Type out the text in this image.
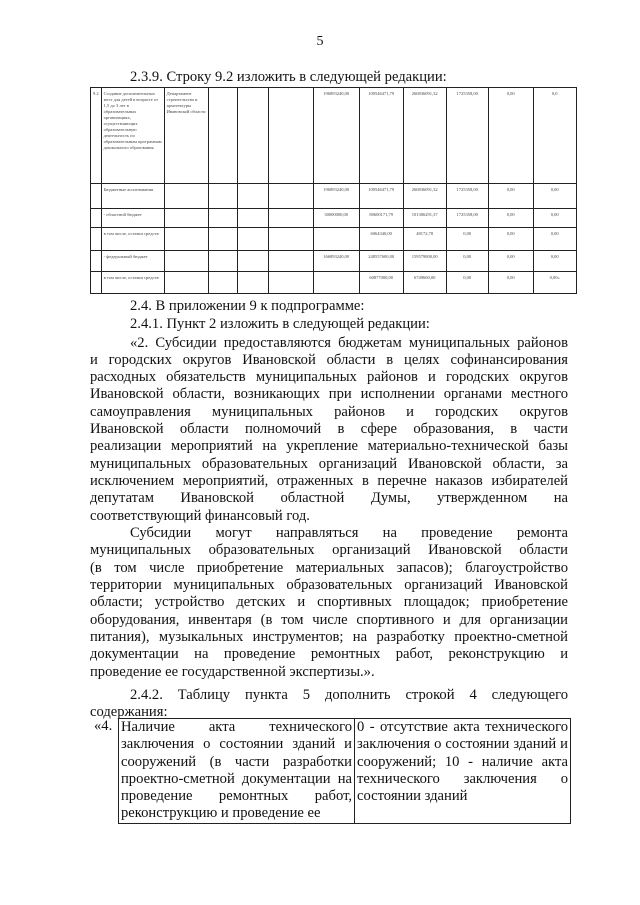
5
2.3.9. Строку 9.2 изложить в следующей редакции:
9.2	Создание дополнительных мест для детей в возрасте от 1,5 до 3 лет в образовательных организациях, осуществляющих образовательную деятельность по образовательным программам дошкольного образования	Департамент строительства и архитектуры Ивановской области				196893240,00	109546471,79	260836091,32	1725358,00	0,00	0,0
	Бюджетные ассигнования					196893240,00	109546471,79	260836091,32	1725358,00	0,00	0,00
	- областной бюджет					30000000,00	80600171,79	101306291,37	1725358,00	0,00	0,00
	в том числе, остатки средств						6064340,00	48172,78	0,00	0,00	0,00
	- федеральный бюджет					166893240,00	248557600,00	159579800,00	0,00	0,00	0,00
	в том числе, остатки средств						60877000,00	6749600,00	0,00	0,00	0,00»
2.4. В приложении 9 к подпрограмме:
2.4.1. Пункт 2 изложить в следующей редакции:
«2. Субсидии предоставляются бюджетам муниципальных районов
и городских округов Ивановской области в целях софинансирования
расходных обязательств муниципальных районов и городских округов
Ивановской области, возникающих при исполнении органами местного
самоуправления муниципальных районов и городских округов
Ивановской области полномочий в сфере образования, в части
реализации мероприятий на укрепление материально-технической базы
муниципальных образовательных организаций Ивановской области, за
исключением мероприятий, отраженных в перечне наказов избирателей
депутатам Ивановской областной Думы, утвержденном на
соответствующий финансовый год.
Субсидии могут направляться на проведение ремонта
муниципальных образовательных организаций Ивановской области
(в том числе приобретение материальных запасов); благоустройство
территории муниципальных образовательных организаций Ивановской
области; устройство детских и спортивных площадок; приобретение
оборудования, инвентаря (в том числе спортивного и для организации
питания), музыкальных инструментов; на разработку проектно-сметной
документации на проведение ремонтных работ, реконструкцию и
проведение ее государственной экспертизы.».
2.4.2. Таблицу пункта 5 дополнить строкой 4 следующего
содержания:
«4. Наличие акта технического заключения о состоянии зданий и сооружений (в части разработки проектно-сметной документации на проведение ремонтных работ, реконструкцию и проведение ее	0 - отсутствие акта технического заключения о состоянии зданий и сооружений; 10 - наличие акта технического заключения о состоянии зданий
